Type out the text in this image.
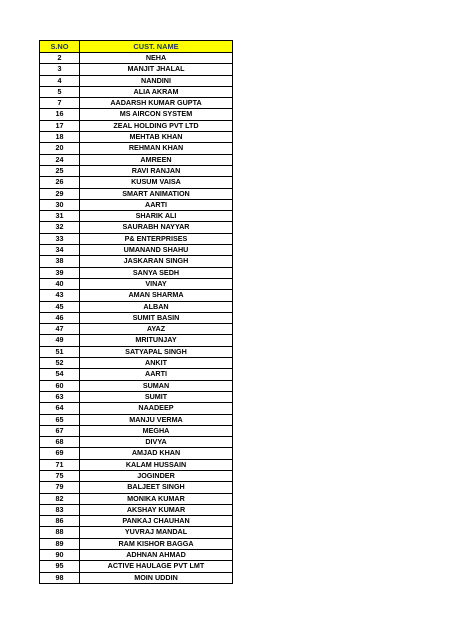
S.NO	CUST. NAME
2	NEHA
3	MANJIT JHALAL
4	NANDINI
5	ALIA AKRAM
7	AADARSH KUMAR GUPTA
16	MS AIRCON SYSTEM
17	ZEAL HOLDING PVT LTD
18	MEHTAB KHAN
20	REHMAN KHAN
24	AMREEN
25	RAVI RANJAN
26	KUSUM VAISA
29	SMART ANIMATION
30	AARTI
31	SHARIK ALI
32	SAURABH NAYYAR
33	P& ENTERPRISES
34	UMANAND SHAHU
38	JASKARAN SINGH
39	SANYA SEDH
40	VINAY
43	AMAN SHARMA
45	ALBAN
46	SUMIT BASIN
47	AYAZ
49	MRITUNJAY
51	SATYAPAL SINGH
52	ANKIT
54	AARTI
60	SUMAN
63	SUMIT
64	NAADEEP
65	MANJU VERMA
67	MEGHA
68	DIVYA
69	AMJAD KHAN
71	KALAM HUSSAIN
75	JOGINDER
79	BALJEET SINGH
82	MONIKA KUMAR
83	AKSHAY KUMAR
86	PANKAJ CHAUHAN
88	YUVRAJ MANDAL
89	RAM KISHOR BAGGA
90	ADHNAN AHMAD
95	ACTIVE HAULAGE PVT LMT
98	MOIN UDDIN
